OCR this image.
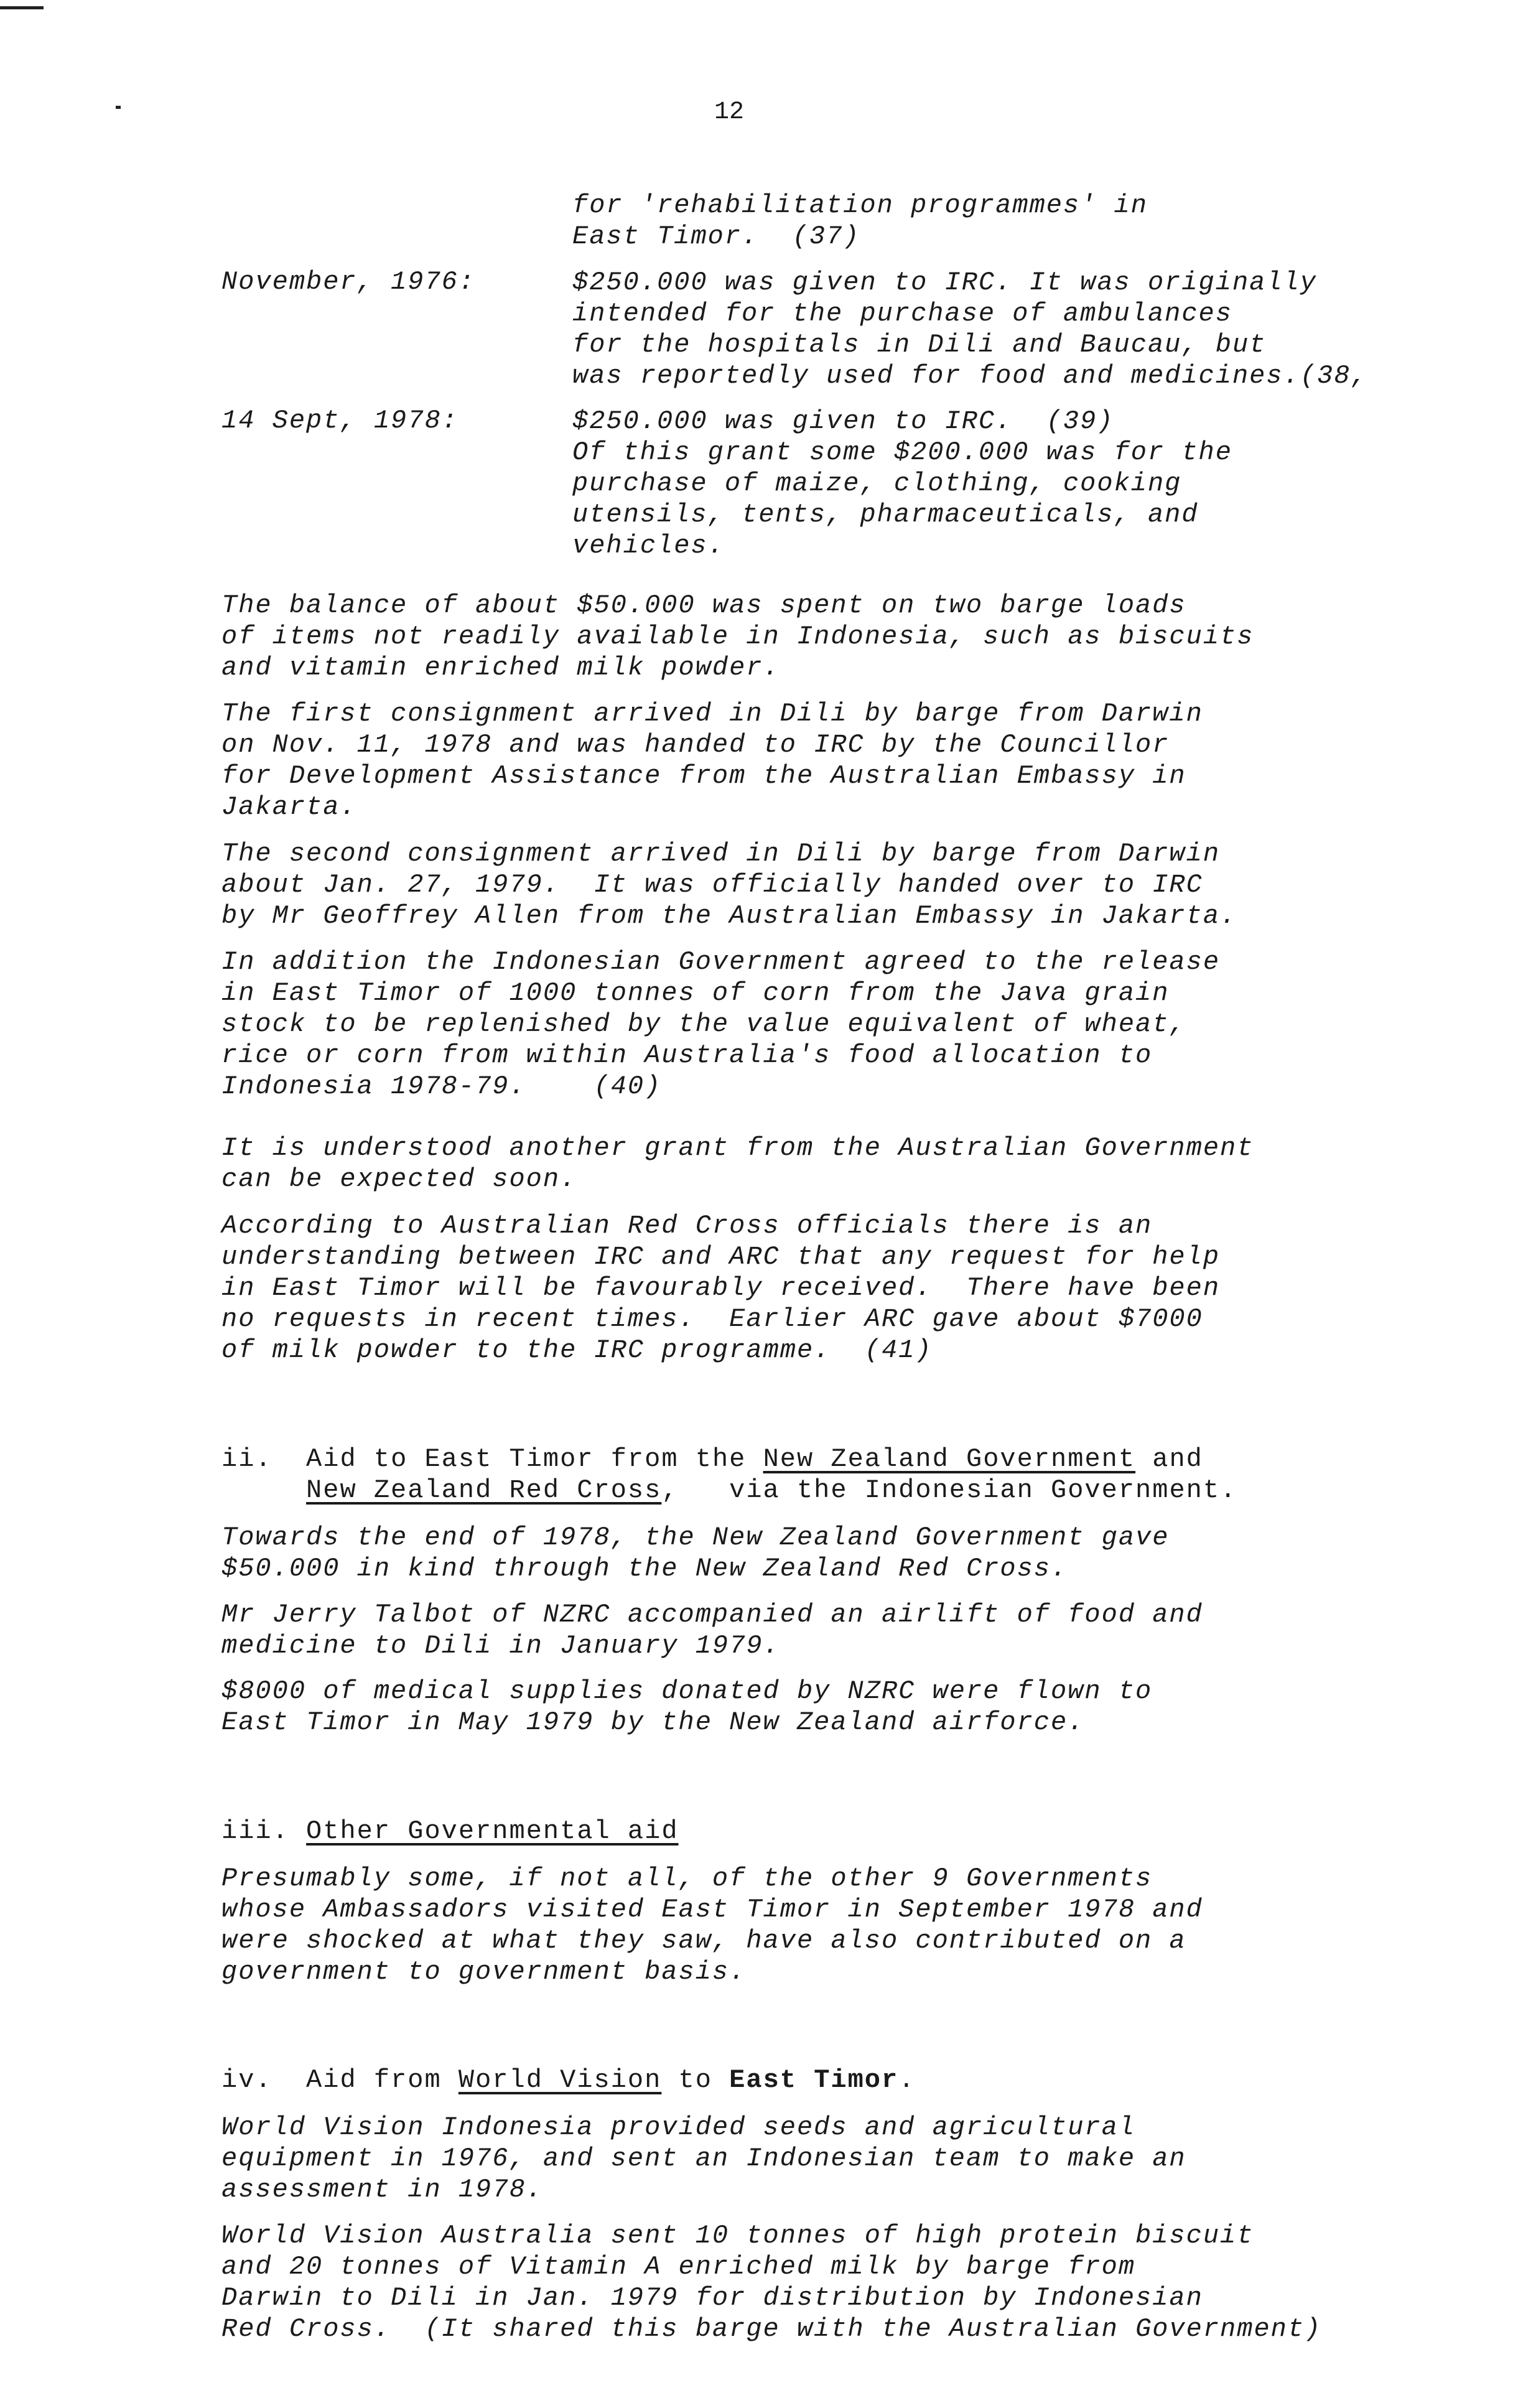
12

for 'rehabilitation programmes' in

East Timor.  (37)

November, 1976:	$250.000 was given to IRC. It was originally

intended for the purchase of ambulances

for the hospitals in Dili and Baucau, but

was reportedly used for food and medicines.(38,

14 Sept, 1978:	$250.000 was given to IRC.  (39)

Of this grant some $200.000 was for the

purchase of maize, clothing, cooking

utensils, tents, pharmaceuticals, and

vehicles.

The balance of about $50.000 was spent on two barge loads

of items not readily available in Indonesia, such as biscuits

and vitamin enriched milk powder.

The first consignment arrived in Dili by barge from Darwin

on Nov. 11, 1978 and was handed to IRC by the Councillor

for Development Assistance from the Australian Embassy in

Jakarta.

The second consignment arrived in Dili by barge from Darwin

about Jan. 27, 1979.  It was officially handed over to IRC

by Mr Geoffrey Allen from the Australian Embassy in Jakarta.

In addition the Indonesian Government agreed to the release

in East Timor of 1000 tonnes of corn from the Java grain

stock to be replenished by the value equivalent of wheat,

rice or corn from within Australia's food allocation to

Indonesia 1978-79.    (40)

It is understood another grant from the Australian Government

can be expected soon.

According to Australian Red Cross officials there is an

understanding between IRC and ARC that any request for help

in East Timor will be favourably received.  There have been

no requests in recent times.  Earlier ARC gave about $7000

of milk powder to the IRC programme.  (41)

ii. Aid to East Timor from the New Zealand Government and

New Zealand Red Cross,   via the Indonesian Government.

Towards the end of 1978, the New Zealand Government gave

$50.000 in kind through the New Zealand Red Cross.

Mr Jerry Talbot of NZRC accompanied an airlift of food and

medicine to Dili in January 1979.

$8000 of medical supplies donated by NZRC were flown to

East Timor in May 1979 by the New Zealand airforce.

iii. Other Governmental aid

Presumably some, if not all, of the other 9 Governments

whose Ambassadors visited East Timor in September 1978 and

were shocked at what they saw, have also contributed on a

government to government basis.

iv. Aid from World Vision to East Timor.

World Vision Indonesia provided seeds and agricultural

equipment in 1976, and sent an Indonesian team to make an

assessment in 1978.

World Vision Australia sent 10 tonnes of high protein biscuit

and 20 tonnes of Vitamin A enriched milk by barge from

Darwin to Dili in Jan. 1979 for distribution by Indonesian

Red Cross.  (It shared this barge with the Australian Government)
